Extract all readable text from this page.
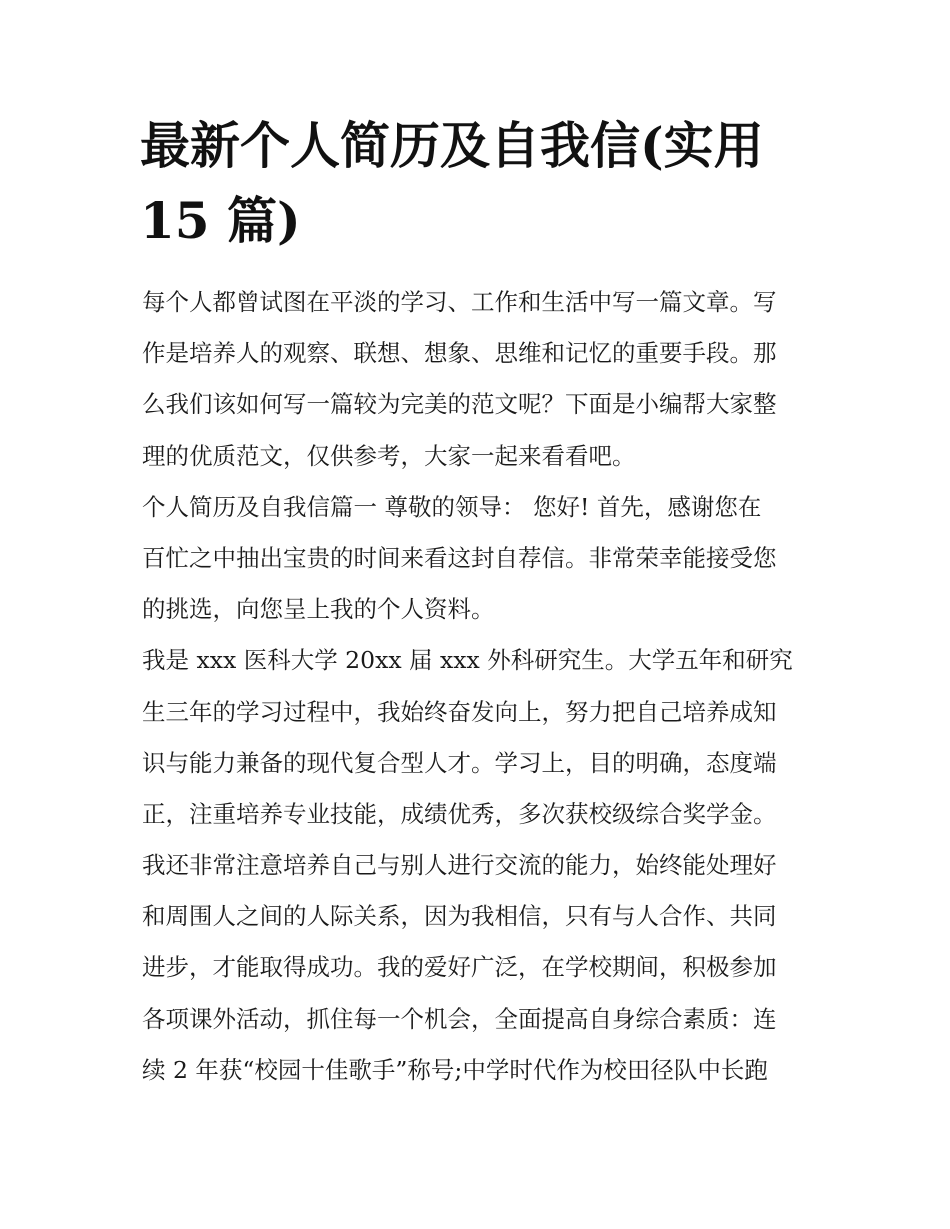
最新个人简历及自我信(实用
15 篇)
每个人都曾试图在平淡的学习、工作和生活中写一篇文章。写
作是培养人的观察、联想、想象、思维和记忆的重要手段。那
么我们该如何写一篇较为完美的范文呢？下面是小编帮大家整
理的优质范文，仅供参考，大家一起来看看吧。
个人简历及自我信篇一 尊敬的领导： 您好! 首先，感谢您在
百忙之中抽出宝贵的时间来看这封自荐信。非常荣幸能接受您
的挑选，向您呈上我的个人资料。
我是 xxx 医科大学 20xx 届 xxx 外科研究生。大学五年和研究
生三年的学习过程中，我始终奋发向上，努力把自己培养成知
识与能力兼备的现代复合型人才。学习上，目的明确，态度端
正，注重培养专业技能，成绩优秀，多次获校级综合奖学金。
我还非常注意培养自己与别人进行交流的能力，始终能处理好
和周围人之间的人际关系，因为我相信，只有与人合作、共同
进步，才能取得成功。我的爱好广泛，在学校期间，积极参加
各项课外活动，抓住每一个机会，全面提高自身综合素质：连
续 2 年获“校园十佳歌手”称号;中学时代作为校田径队中长跑
